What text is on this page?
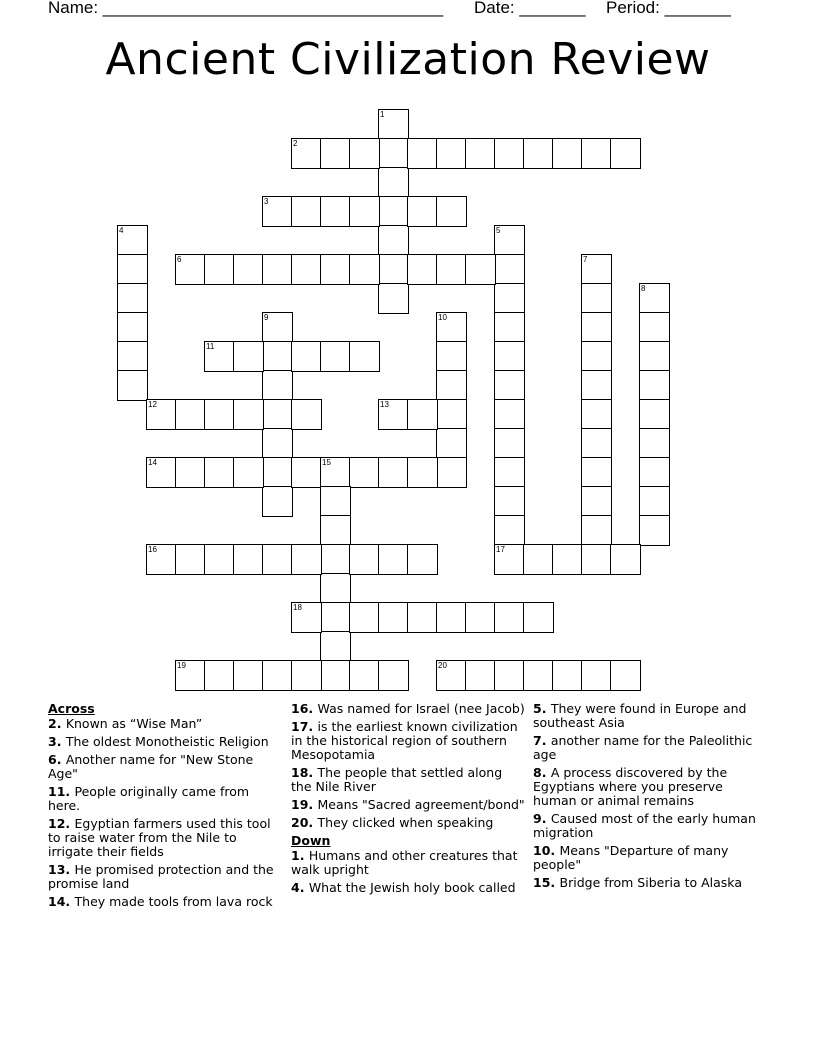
Name: ____________________________________ Date: _______ Period: _______
Ancient Civilization Review
1
2
3
4	5
17
6	7
8
9	10
11
12	13
14	15
16
18
19	20
Across
2. Known as “Wise Man”
3. The oldest Monotheistic Religion
6. Another name for "New Stone Age"
11. People originally came from here.
12. Egyptian farmers used this tool to raise water from the Nile to irrigate their fields
13. He promised protection and the promise land
14. They made tools from lava rock
16. Was named for Israel (nee Jacob)
17. is the earliest known civilization in the historical region of southern Mesopotamia
18. The people that settled along the Nile River
19. Means "Sacred agreement/bond"
20. They clicked when speaking
Down
1. Humans and other creatures that walk upright
4. What the Jewish holy book called
5. They were found in Europe and southeast Asia
7. another name for the Paleolithic age
8. A process discovered by the Egyptians where you preserve human or animal remains
9. Caused most of the early human migration
10. Means "Departure of many people"
15. Bridge from Siberia to Alaska
